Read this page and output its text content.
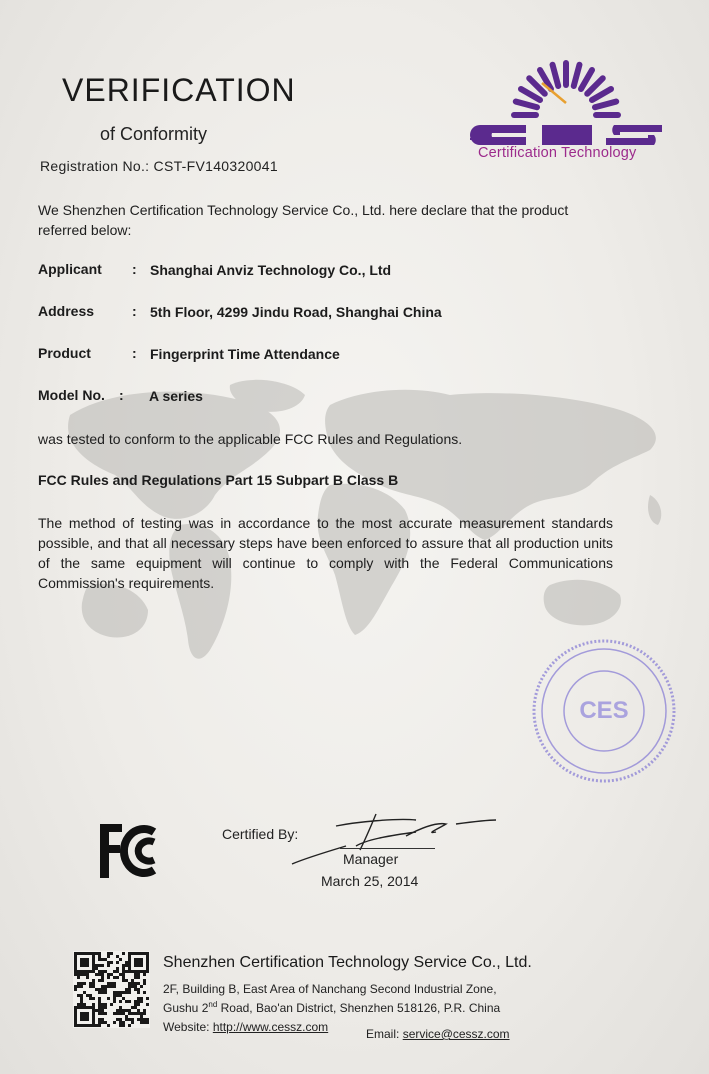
VERIFICATION
of Conformity
Registration No.: CST-FV140320041
Certification Technology
We Shenzhen Certification Technology Service Co., Ltd. here declare that the product referred below:
Applicant : Shanghai Anviz Technology Co., Ltd
Address	: 5th Floor, 4299 Jindu Road, Shanghai China
Product	: Fingerprint Time Attendance
Model No. : A series
was tested to conform to the applicable FCC Rules and Regulations.
FCC Rules and Regulations Part 15 Subpart B Class B
The method of testing was in accordance to the most accurate measurement standards possible, and that all necessary steps have been enforced to assure that all production units of the same equipment will continue to comply with the Federal Communications Commission's requirements.
CES
Certified By:
Manager
March 25, 2014
Shenzhen Certification Technology Service Co., Ltd.
2F, Building B, East Area of Nanchang Second Industrial Zone,
Gushu 2nd Road, Bao'an District, Shenzhen 518126, P.R. China
Website: http://www.cessz.com	Email: service@cessz.com
